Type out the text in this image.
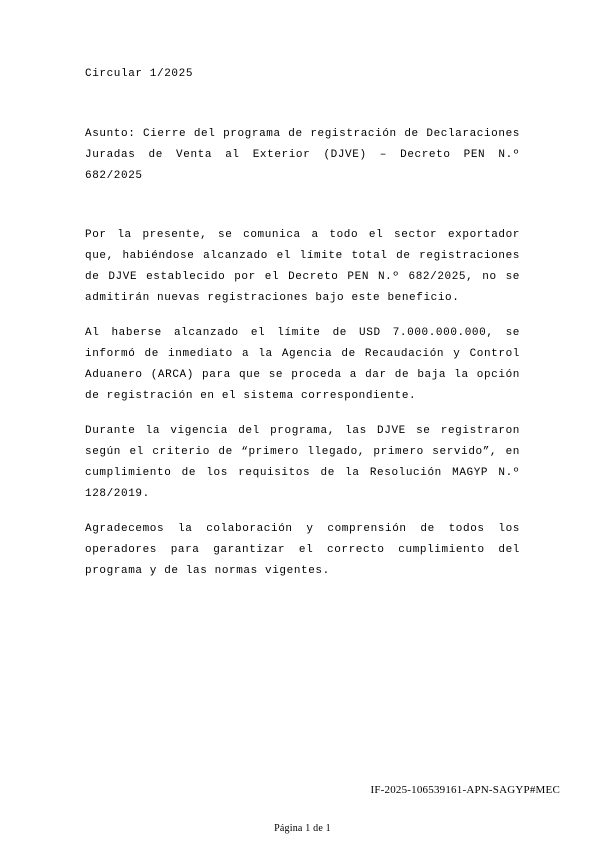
Circular 1/2025

Asunto: Cierre del programa de registración de Declaraciones Juradas de Venta al Exterior (DJVE) – Decreto PEN N.º 682/2025

Por la presente, se comunica a todo el sector exportador que, habiéndose alcanzado el límite total de registraciones de DJVE establecido por el Decreto PEN N.º 682/2025, no se admitirán nuevas registraciones bajo este beneficio.

Al haberse alcanzado el límite de USD 7.000.000.000, se informó de inmediato a la Agencia de Recaudación y Control Aduanero (ARCA) para que se proceda a dar de baja la opción de registración en el sistema correspondiente.

Durante la vigencia del programa, las DJVE se registraron según el criterio de “primero llegado, primero servido”, en cumplimiento de los requisitos de la Resolución MAGYP N.º 128/2019.

Agradecemos la colaboración y comprensión de todos los operadores para garantizar el correcto cumplimiento del programa y de las normas vigentes.

IF-2025-106539161-APN-SAGYP#MEC
Página 1 de 1
